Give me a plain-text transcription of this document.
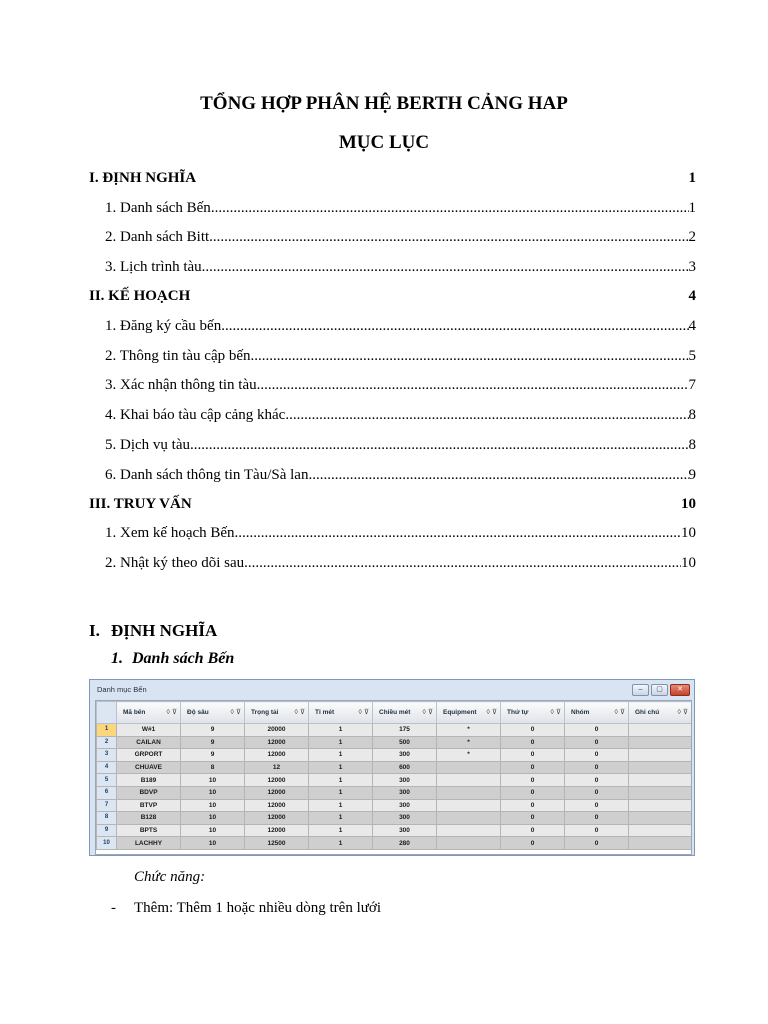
TỔNG HỢP PHÂN HỆ BERTH CẢNG HAP
MỤC LỤC
I. ĐỊNH NGHĨA	1
1. Danh sách Bến .....	1
2. Danh sách Bitt .....	2
3. Lịch trình tàu .....	3
II. KẾ HOẠCH	4
1. Đăng ký cầu bến .....	4
2. Thông tin tàu cập bến .....	5
3. Xác nhận thông tin tàu .....	7
4. Khai báo tàu cập cảng khác .....	8
5. Dịch vụ tàu .....	8
6. Danh sách thông tin Tàu/Sà lan .....	9
III. TRUY VẤN	10
1. Xem kế hoạch Bến .....	10
2. Nhật ký theo dõi sau .....	10
I. ĐỊNH NGHĨA
1. Danh sách Bến
Danh mục Bến	–	▢	✕
	Mã bến ◊ ⊽	Độ sâu ◊ ⊽	Trọng tải ◊ ⊽	Tỉ mét ◊ ⊽	Chiều mét ◊ ⊽	Equipment ◊ ⊽	Thứ tự ◊ ⊽	Nhóm ◊ ⊽	Ghi chú ◊ ⊽

1	W#1	9	20000	1	175	*	0	0	
2	CAILAN	9	12000	1	500	*	0	0	
3	GRPORT	9	12000	1	300	*	0	0	
4	CHUAVE	8	12	1	600		0	0	
5	B189	10	12000	1	300		0	0	
6	BDVP	10	12000	1	300		0	0	
7	BTVP	10	12000	1	300		0	0	
8	B128	10	12000	1	300		0	0	
9	BPTS	10	12000	1	300		0	0	
10	LACHHY	10	12500	1	280		0	0	
Chức năng:
- Thêm: Thêm 1 hoặc nhiều dòng trên lưới
